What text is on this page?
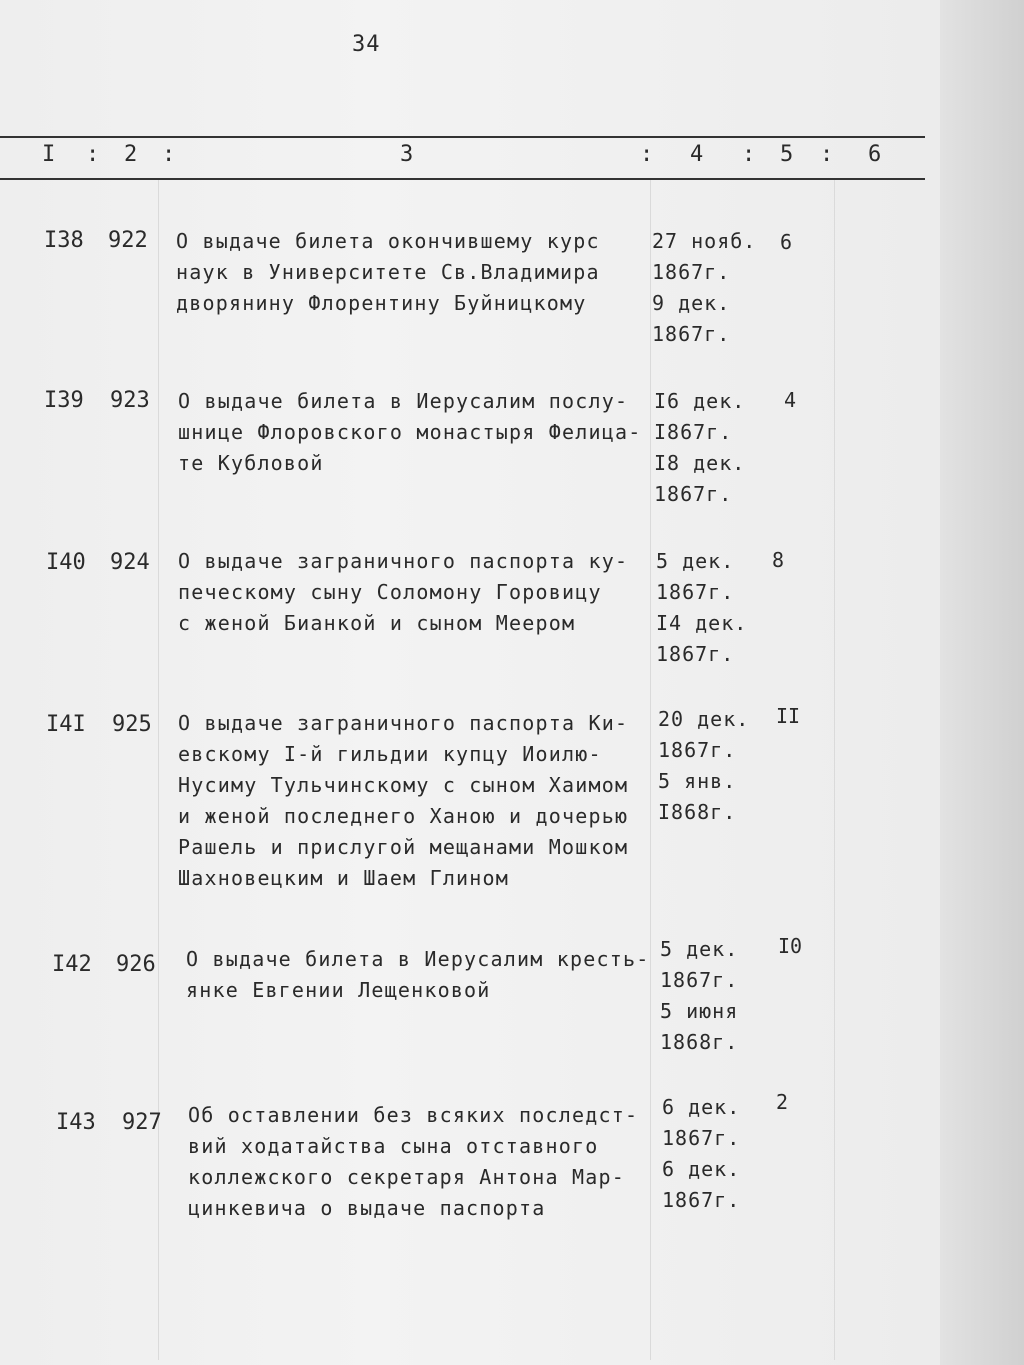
34
I : 2 :	3	: 4 : 5 : 6
I38 922 О выдаче билета окончившему курс
наук в Университете Св.Владимира
дворянину Флорентину Буйницкому
27 нояб.
1867г.
9 дек.
1867г.
6
I39 923 О выдаче билета в Иерусалим послу-
шнице Флоровского монастыря Фелица-
те Кубловой
I6 дек.
I867г.
I8 дек.
1867г.
4
I40 924 О выдаче заграничного паспорта ку-
печескому сыну Соломону Горовицу
с женой Бианкой и сыном Меером
5 дек.
1867г.
I4 дек.
1867г.
8
I4I 925 О выдаче заграничного паспорта Ки-
евскому I-й гильдии купцу Иоилю-
Нусиму Тульчинскому с сыном Хаимом
и женой последнего Ханою и дочерью
Рашель и прислугой мещанами Мошком
Шахновецким и Шаем Глином
20 дек.
1867г.
5 янв.
I868г.
II
I42 926 О выдаче билета в Иерусалим кресть-
янке Евгении Лещенковой
5 дек.
1867г.
5 июня
1868г.
I0
I43 927 Об оставлении без всяких последст-
вий ходатайства сына отставного
коллежского секретаря Антона Мар-
цинкевича о выдаче паспорта
6 дек.
1867г.
6 дек.
1867г.
2
